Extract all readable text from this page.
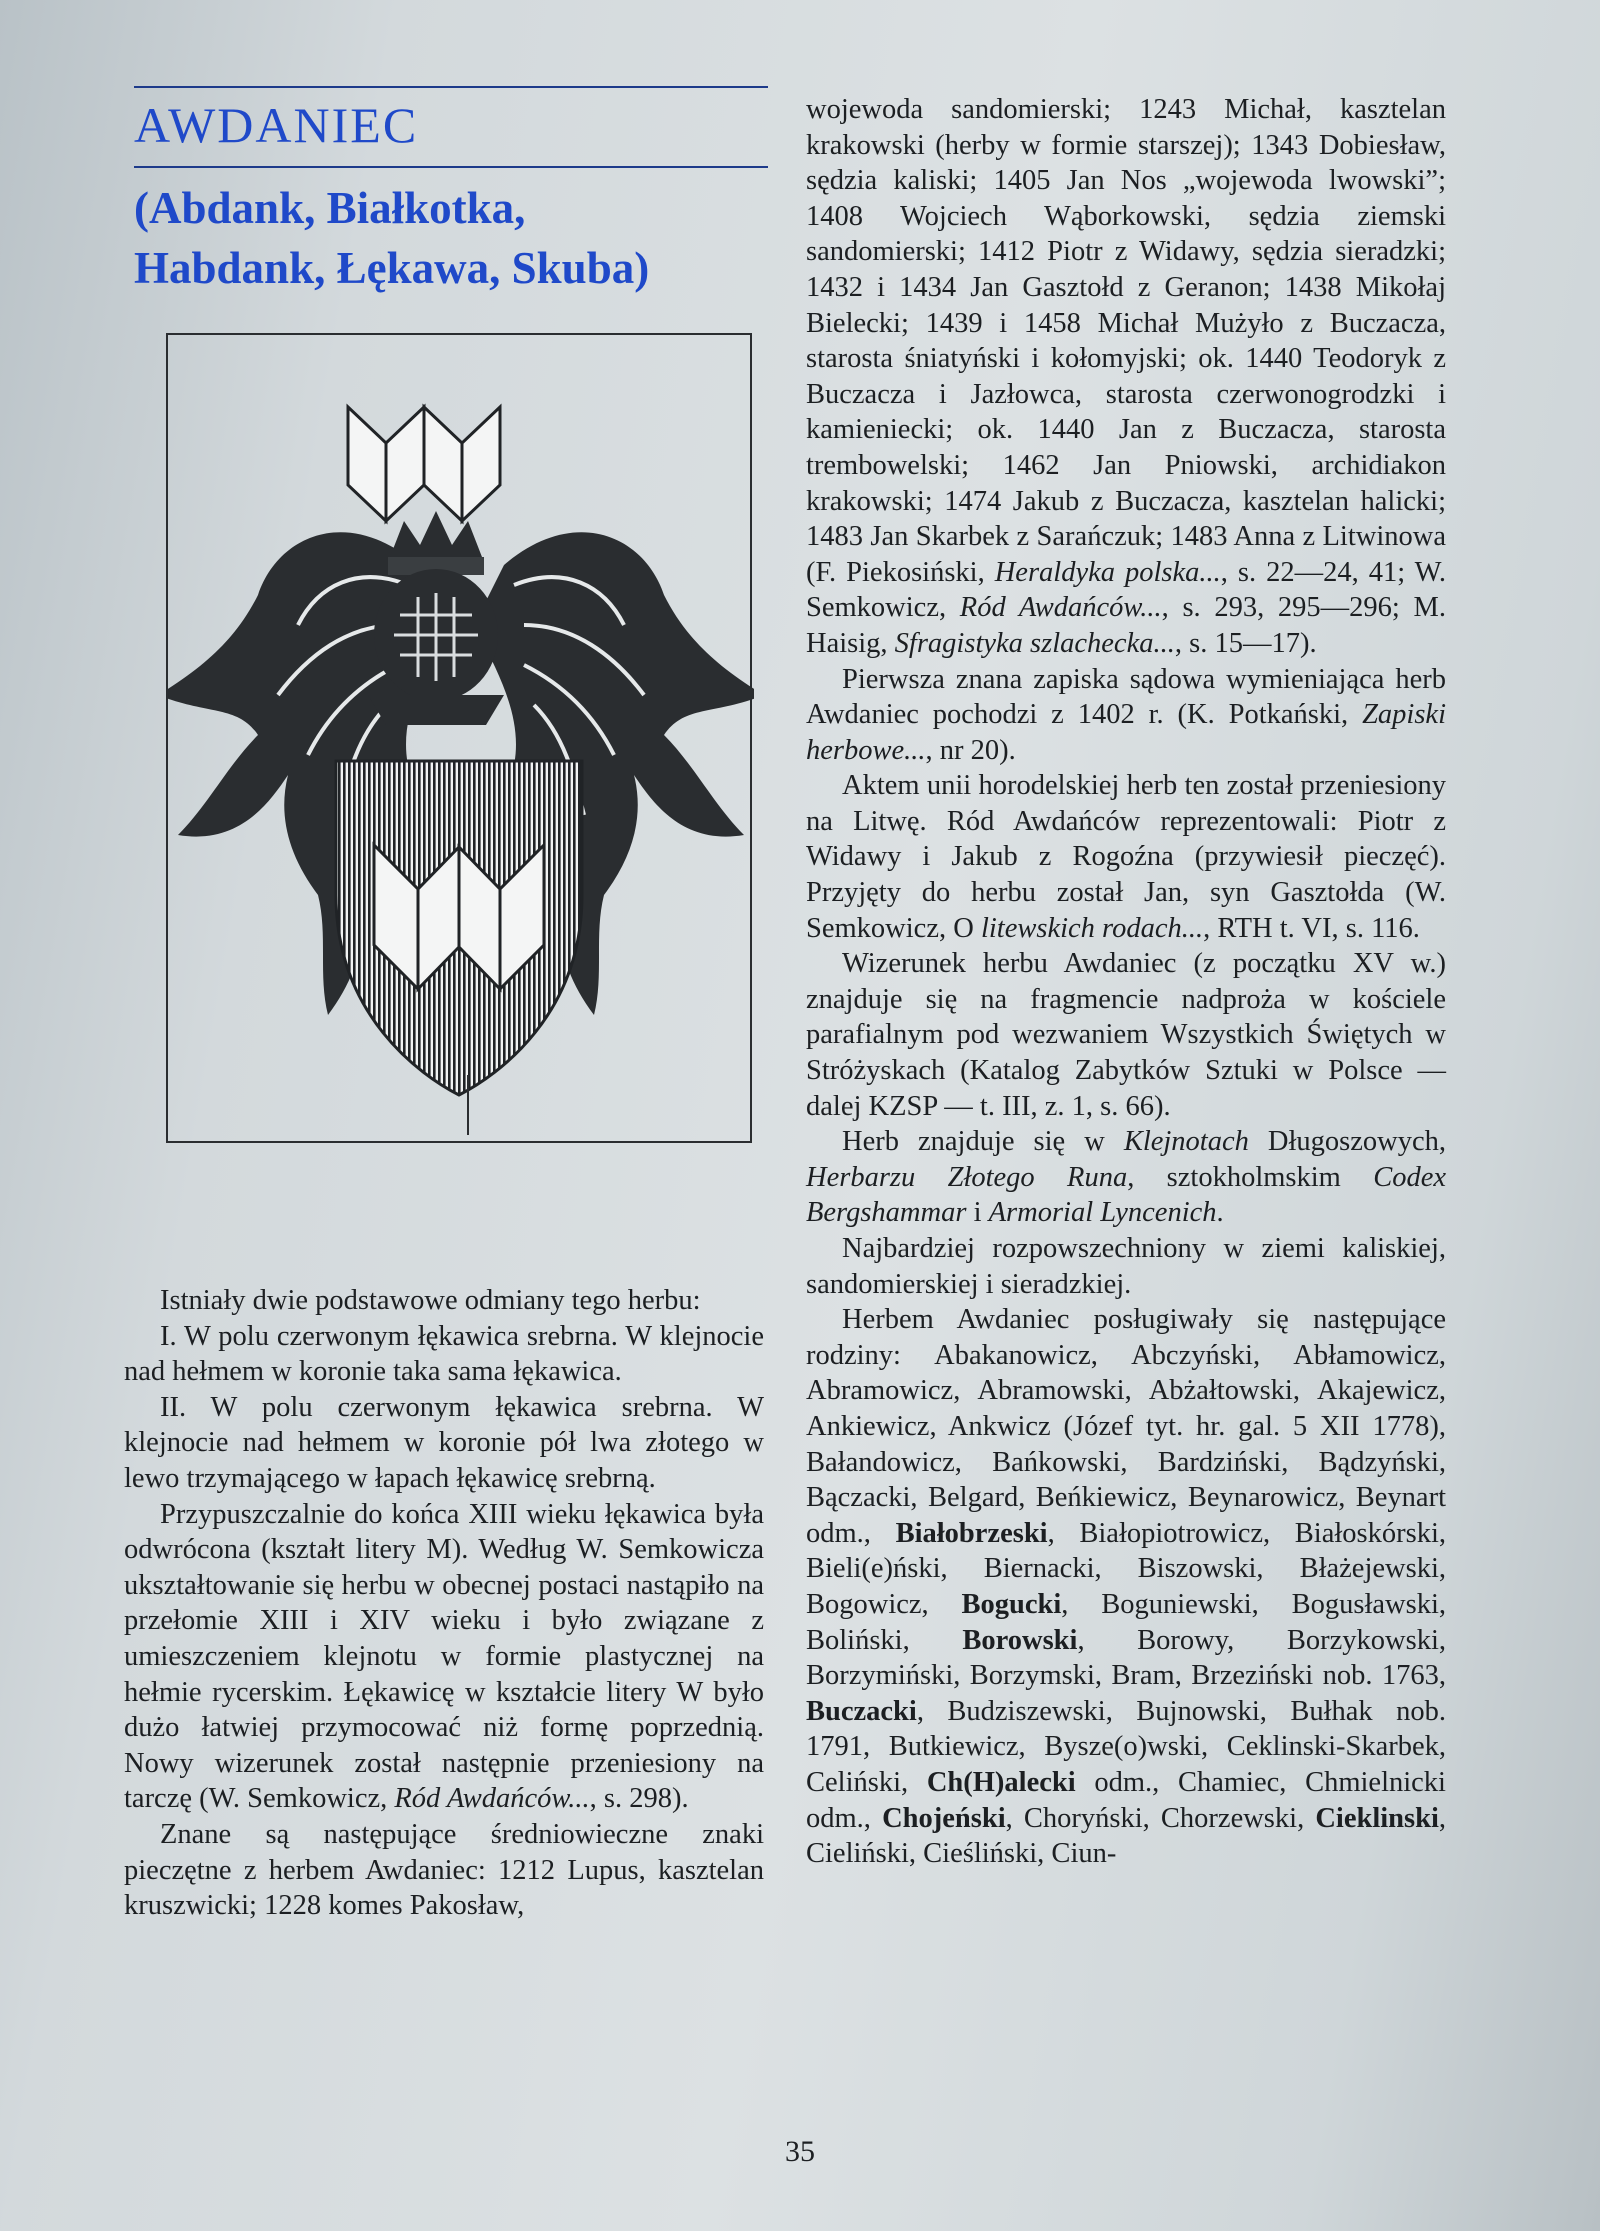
AWDANIEC
(Abdank, Białkotka,
Habdank, Łękawa, Skuba)

Istniały dwie podstawowe odmiany tego herbu:

I. W polu czerwonym łękawica srebrna. W klejnocie nad hełmem w koronie taka sama łękawica.

II. W polu czerwonym łękawica srebrna. W klejnocie nad hełmem w koronie pół lwa złotego w lewo trzymającego w łapach łękawicę srebrną.

Przypuszczalnie do końca XIII wieku łękawica była odwrócona (kształt litery M). Według W. Semkowicza ukształtowanie się herbu w obecnej postaci nastąpiło na przełomie XIII i XIV wieku i było związane z umieszczeniem klejnotu w formie plastycznej na hełmie rycerskim. Łękawicę w kształcie litery W było dużo łatwiej przymocować niż formę poprzednią. Nowy wizerunek został następnie przeniesiony na tarczę (W. Semkowicz, Ród Awdańców..., s. 298).

Znane są następujące średniowieczne znaki pieczętne z herbem Awdaniec: 1212 Lupus, kasztelan kruszwicki; 1228 komes Pakosław,

wojewoda sandomierski; 1243 Michał, kasztelan krakowski (herby w formie starszej); 1343 Dobiesław, sędzia kaliski; 1405 Jan Nos „wojewoda lwowski”; 1408 Wojciech Wąborkowski, sędzia ziemski sandomierski; 1412 Piotr z Widawy, sędzia sieradzki; 1432 i 1434 Jan Gasztołd z Geranon; 1438 Mikołaj Bielecki; 1439 i 1458 Michał Mużyło z Buczacza, starosta śniatyński i kołomyjski; ok. 1440 Teodoryk z Buczacza i Jazłowca, starosta czerwonogrodzki i kamieniecki; ok. 1440 Jan z Buczacza, starosta trembowelski; 1462 Jan Pniowski, archidiakon krakowski; 1474 Jakub z Buczacza, kasztelan halicki; 1483 Jan Skarbek z Sarańczuk; 1483 Anna z Litwinowa (F. Piekosiński, Heraldyka polska..., s. 22—24, 41; W. Semkowicz, Ród Awdańców..., s. 293, 295—296; M. Haisig, Sfragistyka szlachecka..., s. 15—17).

Pierwsza znana zapiska sądowa wymieniająca herb Awdaniec pochodzi z 1402 r. (K. Potkański, Zapiski herbowe..., nr 20).

Aktem unii horodelskiej herb ten został przeniesiony na Litwę. Ród Awdańców reprezentowali: Piotr z Widawy i Jakub z Rogoźna (przywiesił pieczęć). Przyjęty do herbu został Jan, syn Gasztołda (W. Semkowicz, O litewskich rodach..., RTH t. VI, s. 116.

Wizerunek herbu Awdaniec (z początku XV w.) znajduje się na fragmencie nadproża w kościele parafialnym pod wezwaniem Wszystkich Świętych w Stróżyskach (Katalog Zabytków Sztuki w Polsce — dalej KZSP — t. III, z. 1, s. 66).

Herb znajduje się w Klejnotach Długoszowych, Herbarzu Złotego Runa, sztokholmskim Codex Bergshammar i Armorial Lyncenich.

Najbardziej rozpowszechniony w ziemi kaliskiej, sandomierskiej i sieradzkiej.

Herbem Awdaniec posługiwały się następujące rodziny: Abakanowicz, Abczyński, Abłamowicz, Abramowicz, Abramowski, Abżałtowski, Akajewicz, Ankiewicz, Ankwicz (Józef tyt. hr. gal. 5 XII 1778), Bałandowicz, Bańkowski, Bardziński, Bądzyński, Bączacki, Belgard, Beńkiewicz, Beynarowicz, Beynart odm., Białobrzeski, Białopiotrowicz, Białoskórski, Bieli(e)ński, Biernacki, Biszowski, Błażejewski, Bogowicz, Bogucki, Boguniewski, Bogusławski, Boliński, Borowski, Borowy, Borzykowski, Borzymiński, Borzymski, Bram, Brzeziński nob. 1763, Buczacki, Budziszewski, Bujnowski, Bułhak nob. 1791, Butkiewicz, Bysze(o)wski, Ceklinski-Skarbek, Celiński, Ch(H)alecki odm., Chamiec, Chmielnicki odm., Chojeński, Choryński, Chorzewski, Cieklinski, Cieliński, Cieśliński, Ciun-

35
